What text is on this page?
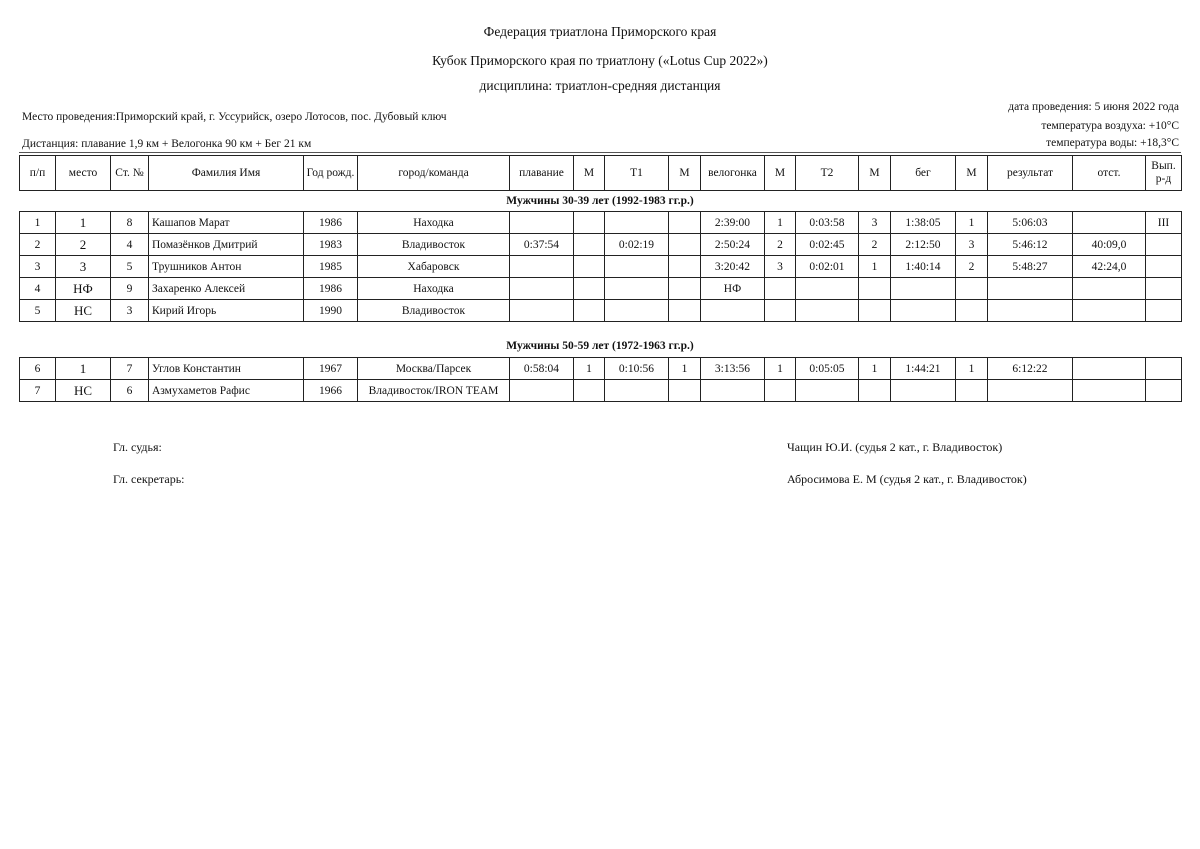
Федерация триатлона Приморского края
Кубок Приморского края по триатлону («Lotus Cup 2022»)
дисциплина: триатлон-средняя дистанция
Место проведения:Приморский край, г. Уссурийск, озеро Лотосов, пос. Дубовый ключ
Дистанция: плавание 1,9 км + Велогонка 90 км + Бег 21 км
дата проведения: 5 июня 2022 года
температура воздуха: +10°C
температура воды: +18,3°C
п/п	место	Ст. №	Фамилия Имя	Год рожд.	город/команда	плавание	М	Т1	М	велогонка	М	Т2	М	бег	М	результат	отст.	Вып. р-д
Мужчины 30-39 лет (1992-1983 гг.р.)
1	1	8	Кашапов Марат	1986	Находка					2:39:00	1	0:03:58	3	1:38:05	1	5:06:03		III
2	2	4	Помазёнков Дмитрий	1983	Владивосток	0:37:54		0:02:19		2:50:24	2	0:02:45	2	2:12:50	3	5:46:12	40:09,0	
3	3	5	Трушников Антон	1985	Хабаровск					3:20:42	3	0:02:01	1	1:40:14	2	5:48:27	42:24,0	
4	НФ	9	Захаренко Алексей	1986	Находка					НФ								
5	НС	3	Кирий Игорь	1990	Владивосток													
Мужчины 50-59 лет (1972-1963 гг.р.)
6	1	7	Углов Константин	1967	Москва/Парсек	0:58:04	1	0:10:56	1	3:13:56	1	0:05:05	1	1:44:21	1	6:12:22		
7	НС	6	Азмухаметов Рафис	1966	Владивосток/IRON TEAM													
Гл. судья:	Чащин Ю.И. (судья 2 кат., г. Владивосток)
Гл. секретарь:	Абросимова Е. М (судья 2 кат., г. Владивосток)
